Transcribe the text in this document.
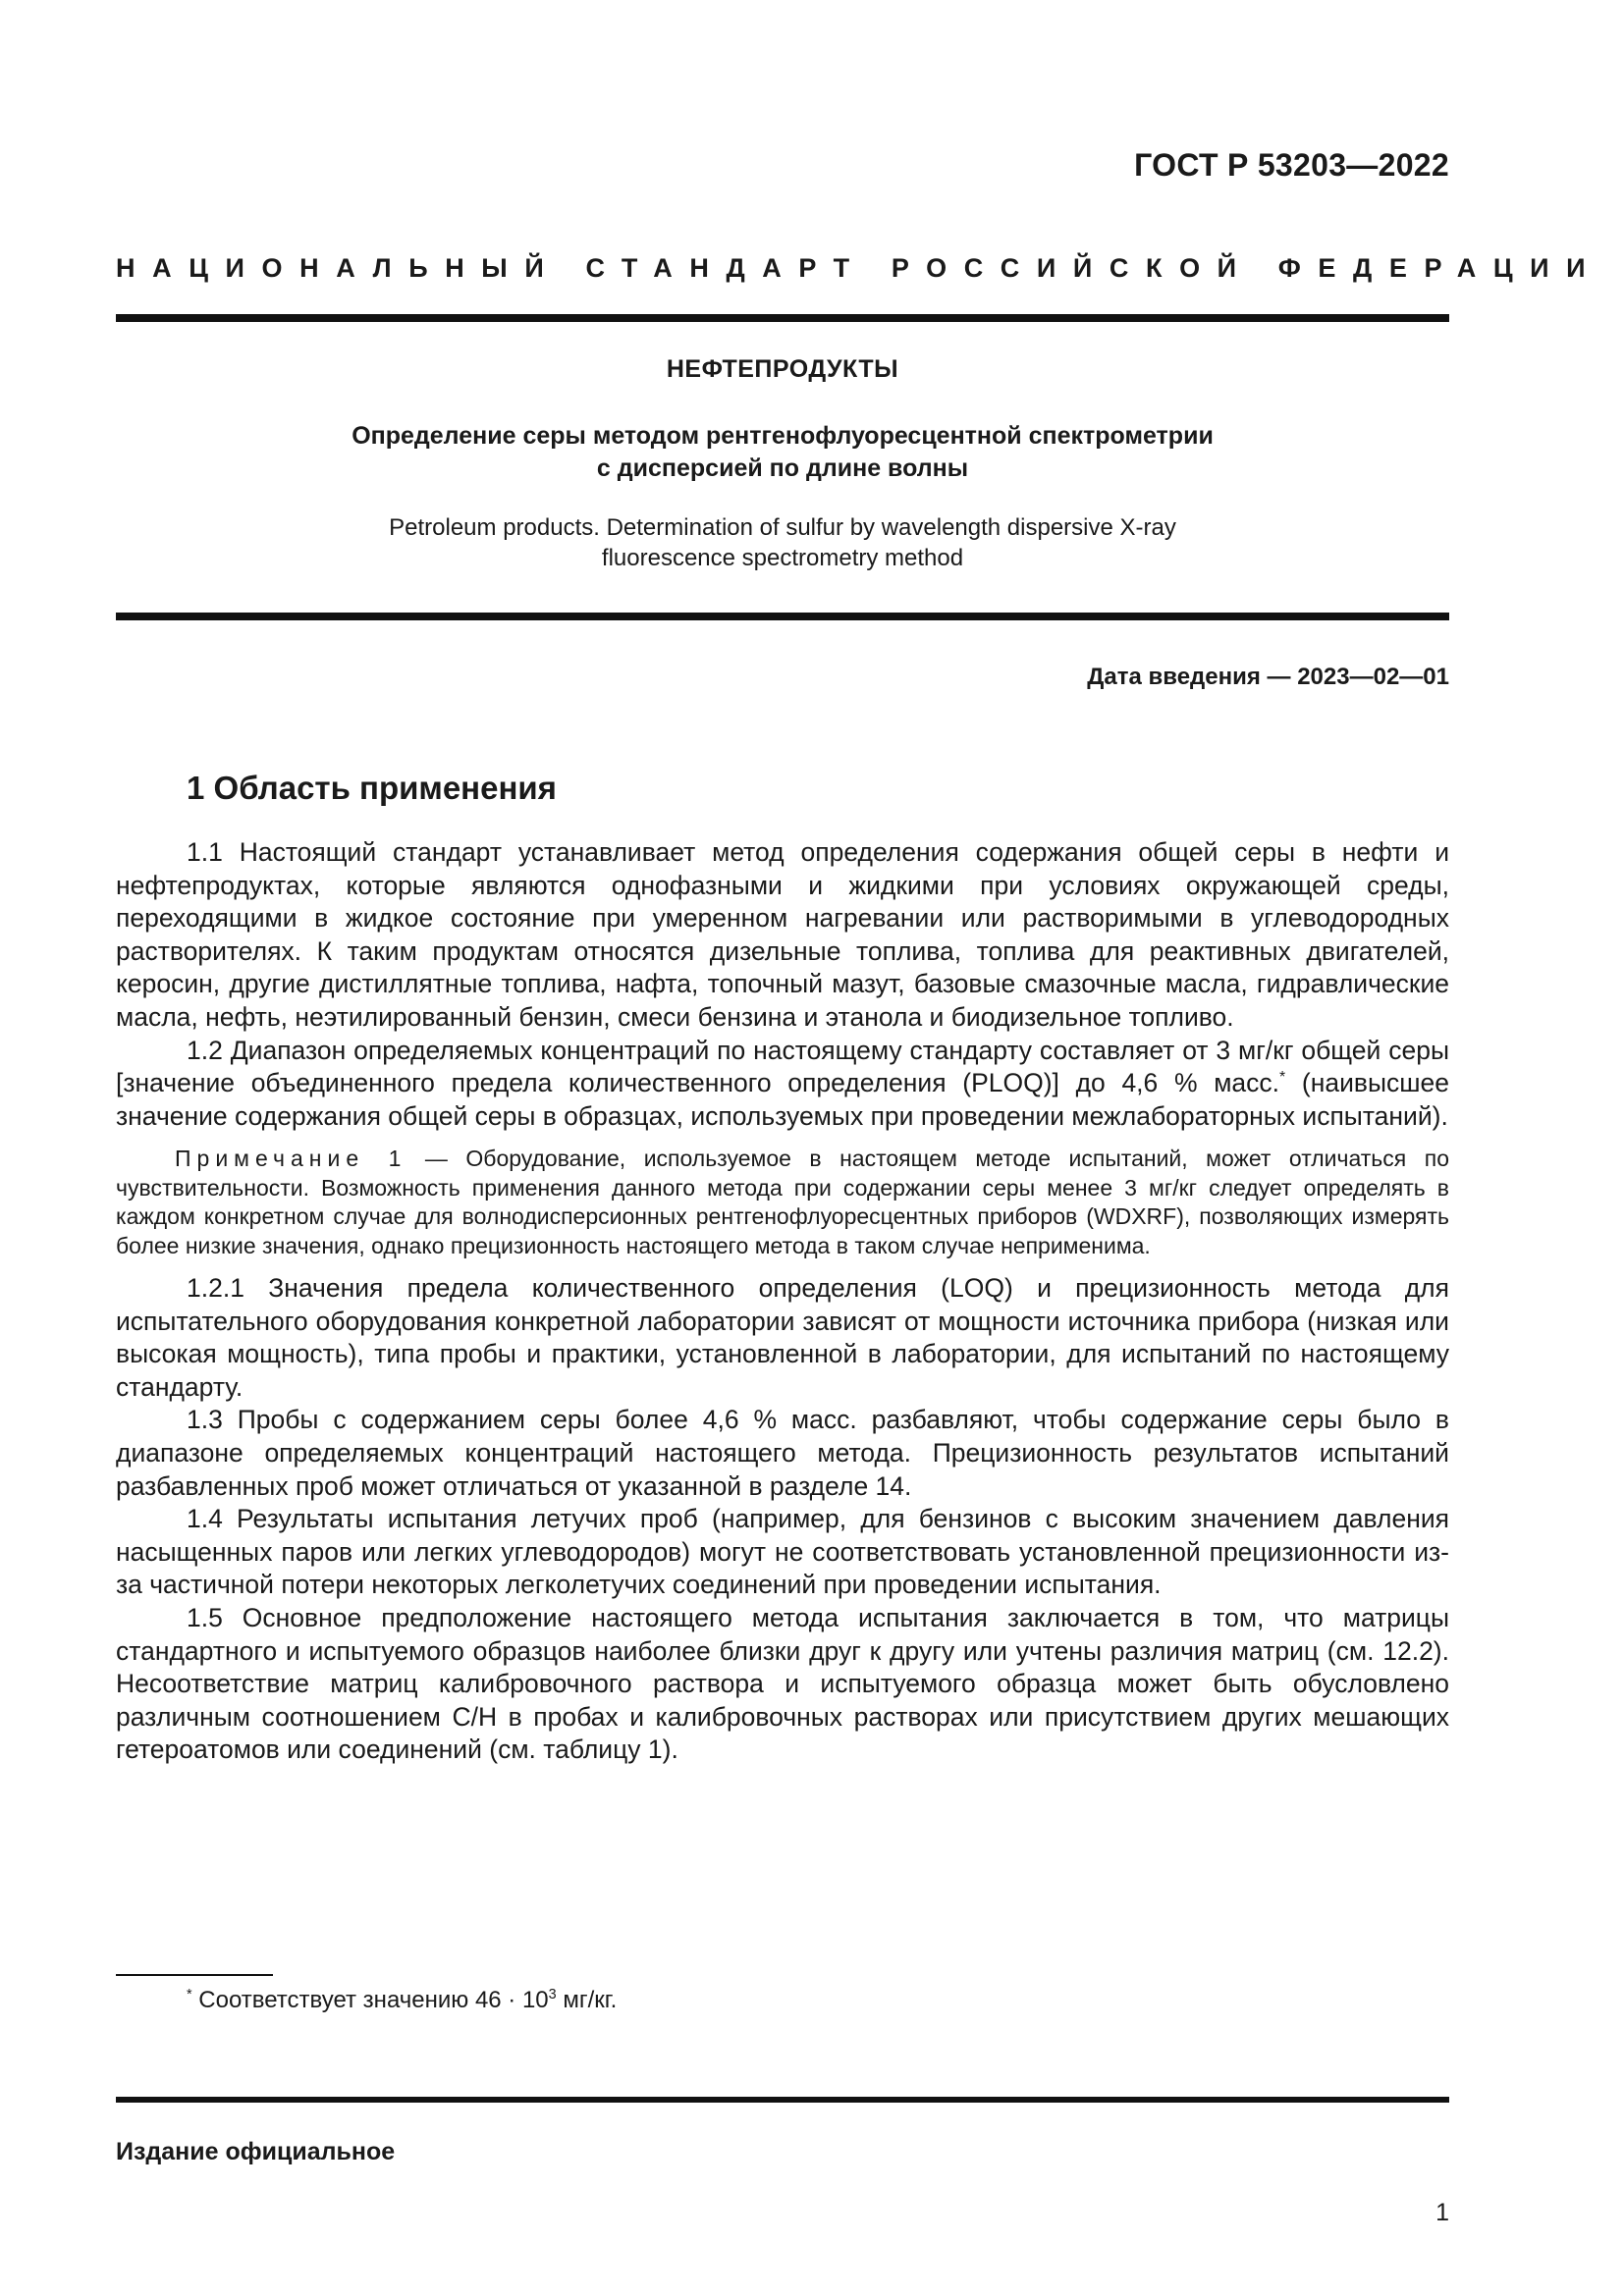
ГОСТ Р 53203—2022
НАЦИОНАЛЬНЫЙ СТАНДАРТ РОССИЙСКОЙ ФЕДЕРАЦИИ
НЕФТЕПРОДУКТЫ
Определение серы методом рентгенофлуоресцентной спектрометрии
с дисперсией по длине волны
Petroleum products. Determination of sulfur by wavelength dispersive X-ray
fluorescence spectrometry method
Дата введения — 2023—02—01
1 Область применения

1.1 Настоящий стандарт устанавливает метод определения содержания общей серы в нефти и нефтепродуктах, которые являются однофазными и жидкими при условиях окружающей среды, переходящими в жидкое состояние при умеренном нагревании или растворимыми в углеводородных растворителях. К таким продуктам относятся дизельные топлива, топлива для реактивных двигателей, керосин, другие дистиллятные топлива, нафта, топочный мазут, базовые смазочные масла, гидравлические масла, нефть, неэтилированный бензин, смеси бензина и этанола и биодизельное топливо.

1.2 Диапазон определяемых концентраций по настоящему стандарту составляет от 3 мг/кг общей серы [значение объединенного предела количественного определения (PLOQ)] до 4,6 % масс.* (наивысшее значение содержания общей серы в образцах, используемых при проведении межлабораторных испытаний).

Примечание 1 — Оборудование, используемое в настоящем методе испытаний, может отличаться по чувствительности. Возможность применения данного метода при содержании серы менее 3 мг/кг следует определять в каждом конкретном случае для волнодисперсионных рентгенофлуоресцентных приборов (WDXRF), позволяющих измерять более низкие значения, однако прецизионность настоящего метода в таком случае неприменима.

1.2.1 Значения предела количественного определения (LOQ) и прецизионность метода для испытательного оборудования конкретной лаборатории зависят от мощности источника прибора (низкая или высокая мощность), типа пробы и практики, установленной в лаборатории, для испытаний по настоящему стандарту.

1.3 Пробы с содержанием серы более 4,6 % масс. разбавляют, чтобы содержание серы было в диапазоне определяемых концентраций настоящего метода. Прецизионность результатов испытаний разбавленных проб может отличаться от указанной в разделе 14.

1.4 Результаты испытания летучих проб (например, для бензинов с высоким значением давления насыщенных паров или легких углеводородов) могут не соответствовать установленной прецизионности из-за частичной потери некоторых легколетучих соединений при проведении испытания.

1.5 Основное предположение настоящего метода испытания заключается в том, что матрицы стандартного и испытуемого образцов наиболее близки друг к другу или учтены различия матриц (см. 12.2). Несоответствие матриц калибровочного раствора и испытуемого образца может быть обусловлено различным соотношением С/Н в пробах и калибровочных растворах или присутствием других мешающих гетероатомов или соединений (см. таблицу 1).

* Соответствует значению $46 \cdot 10^3$ мг/кг.
Издание официальное
1
